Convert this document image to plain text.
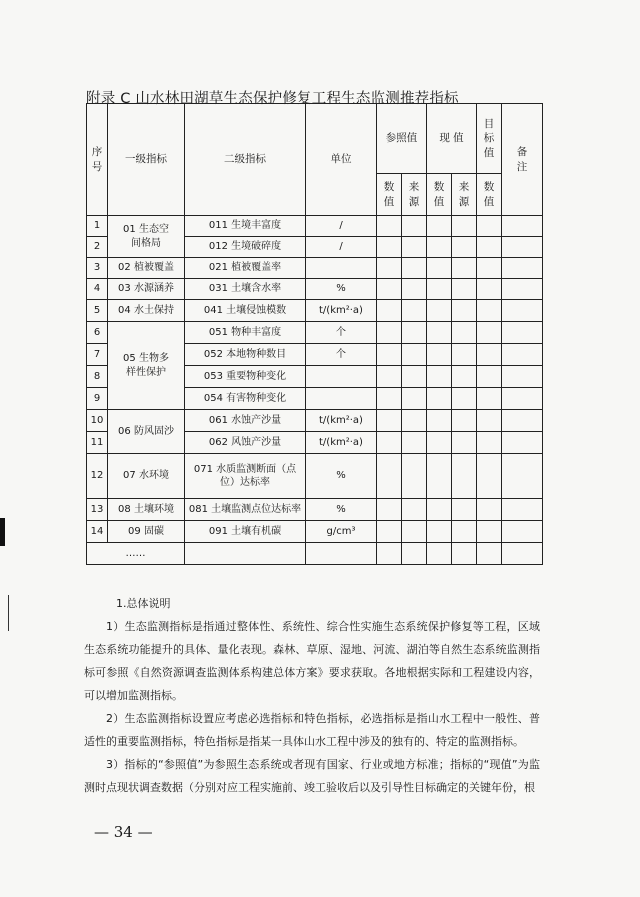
附录 C 山水林田湖草生态保护修复工程生态监测推荐指标
序号	一级指标	二级指标	单位	参照值		现 值		目标值	备注
				数值	来源	数值	来源	数值	
1	01 生态空间格局	011 生境丰富度	/						
2		012 生境破碎度	/						
3	02 植被覆盖	021 植被覆盖率							
4	03 水源涵养	031 土壤含水率	%						
5	04 水土保持	041 土壤侵蚀模数	t/(km²·a)						
6	05 生物多样性保护	051 物种丰富度	个						
7		052 本地物种数目	个						
8		053 重要物种变化							
9		054 有害物种变化							
10	06 防风固沙	061 水蚀产沙量	t/(km²·a)						
11		062 风蚀产沙量	t/(km²·a)						
12	07 水环境	071 水质监测断面（点位）达标率	%						
13	08 土壤环境	081 土壤监测点位达标率	%						
14	09 固碳	091 土壤有机碳	g/cm³						
……									

1.总体说明

1）生态监测指标是指通过整体性、系统性、综合性实施生态系统保护修复等工程，区域生态系统功能提升的具体、量化表现。森林、草原、湿地、河流、湖泊等自然生态系统监测指标可参照《自然资源调查监测体系构建总体方案》要求获取。各地根据实际和工程建设内容，可以增加监测指标。

2）生态监测指标设置应考虑必选指标和特色指标，必选指标是指山水工程中一般性、普适性的重要监测指标，特色指标是指某一具体山水工程中涉及的独有的、特定的监测指标。

3）指标的“参照值”为参照生态系统或者现有国家、行业或地方标准；指标的“现值”为监测时点现状调查数据（分别对应工程实施前、竣工验收后以及引导性目标确定的关键年份，根

— 34 —
